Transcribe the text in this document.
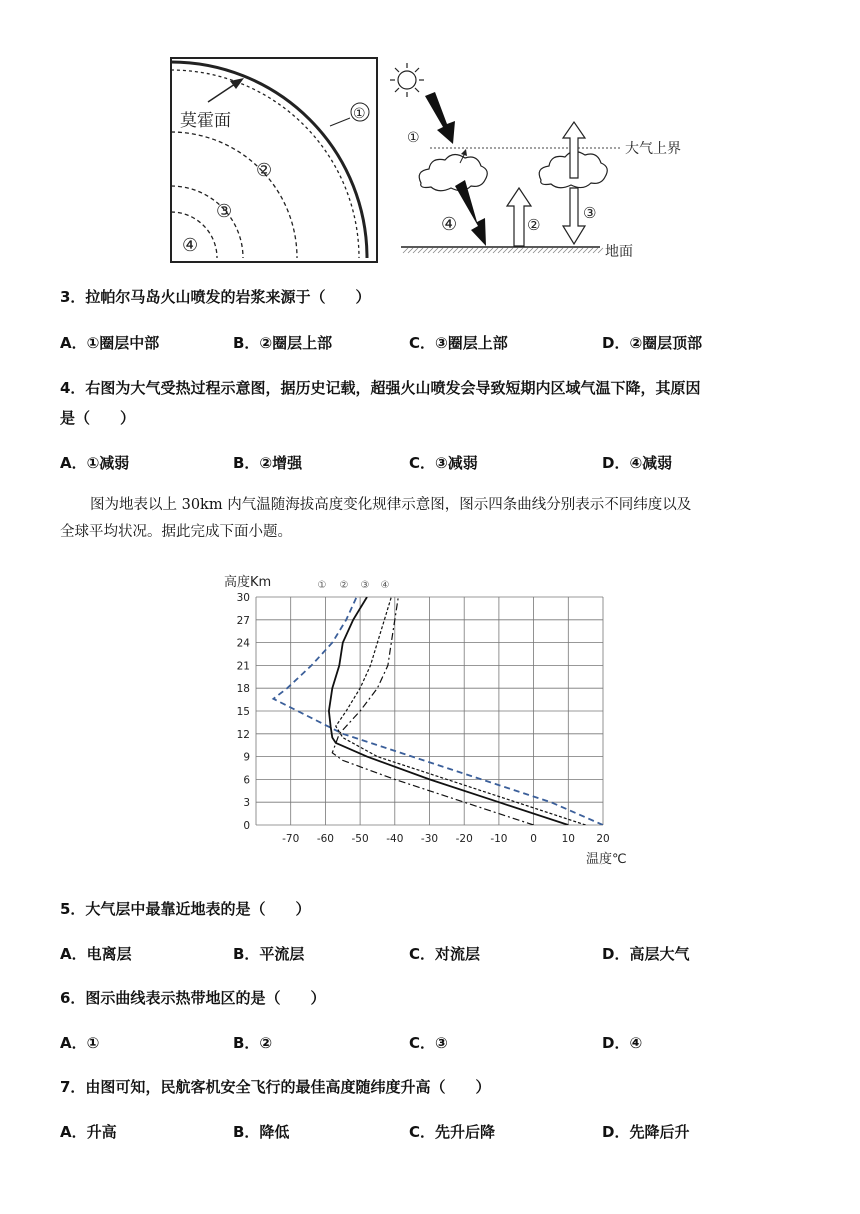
莫霍面	①
②
③
④
大气上界
①
④	②
③
地面
3．拉帕尔马岛火山喷发的岩浆来源于（　　）
A．①圈层中部	B．②圈层上部	C．③圈层上部	D．②圈层顶部
4．右图为大气受热过程示意图，据历史记载，超强火山喷发会导致短期内区域气温下降，其原因
是（　　）
A．①减弱	B．②增强	C．③减弱	D．④减弱
图为地表以上 30km 内气温随海拔高度变化规律示意图，图示四条曲线分别表示不同纬度以及
全球平均状况。据此完成下面小题。
高度Km
温度℃
0
3
6
9
12
15
18
21
24
27
30
-70 -60 -50 -40 -30 -20 -10 0 10 20
① ② ③ ④
5．大气层中最靠近地表的是（　　）
A．电离层	B．平流层	C．对流层	D．高层大气
6．图示曲线表示热带地区的是（　　）
A．①	B．②	C．③	D．④
7．由图可知，民航客机安全飞行的最佳高度随纬度升高（　　）
A．升高	B．降低	C．先升后降	D．先降后升
